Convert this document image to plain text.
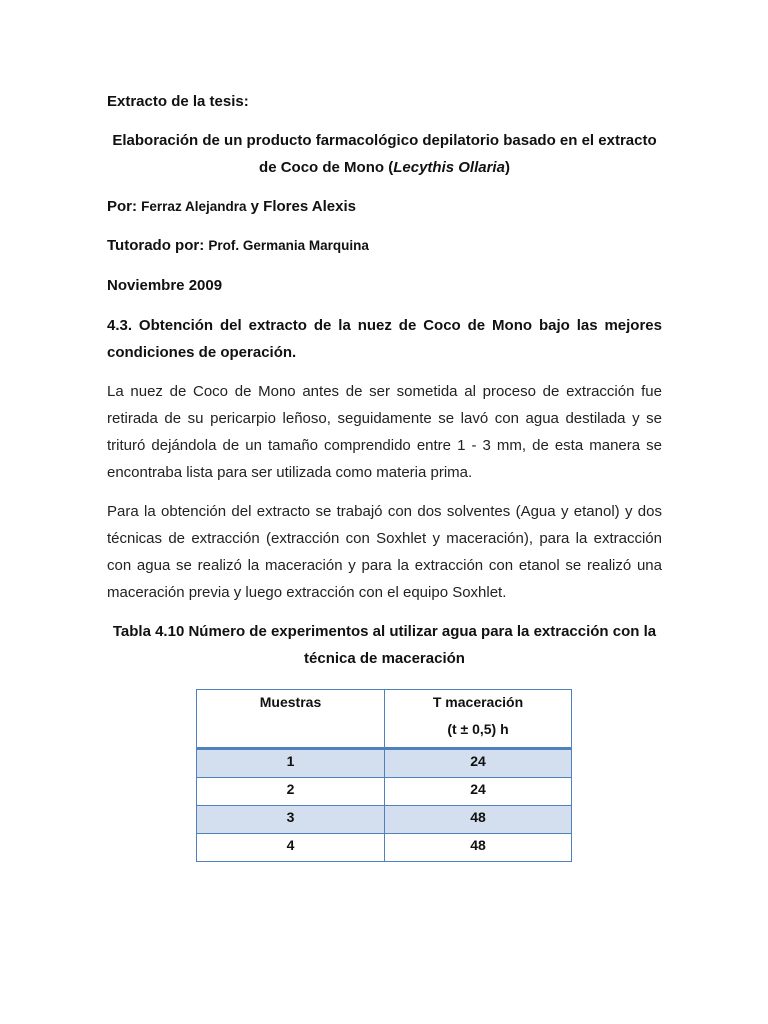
Extracto de la tesis:
Elaboración de un producto farmacológico depilatorio basado en el extracto
de Coco de Mono (Lecythis Ollaria)
Por: Ferraz Alejandra y Flores Alexis
Tutorado por: Prof. Germania Marquina
Noviembre 2009
4.3. Obtención del extracto de la nuez de Coco de Mono bajo las mejores
condiciones de operación.
La nuez de Coco de Mono antes de ser sometida al proceso de extracción fue
retirada de su pericarpio leñoso, seguidamente se lavó con agua destilada y se
trituró dejándola de un tamaño comprendido entre 1 - 3 mm, de esta manera se
encontraba lista para ser utilizada como materia prima.
Para la obtención del extracto se trabajó con dos solventes (Agua y etanol) y dos
técnicas de extracción (extracción con Soxhlet y maceración), para la extracción
con agua se realizó la maceración y para la extracción con etanol se realizó una
maceración previa y luego extracción con el equipo Soxhlet.
Tabla 4.10 Número de experimentos al utilizar agua para la extracción con la
técnica de maceración
Muestras	T maceración
(t ± 0,5) h

1	24
2	24
3	48
4	48
